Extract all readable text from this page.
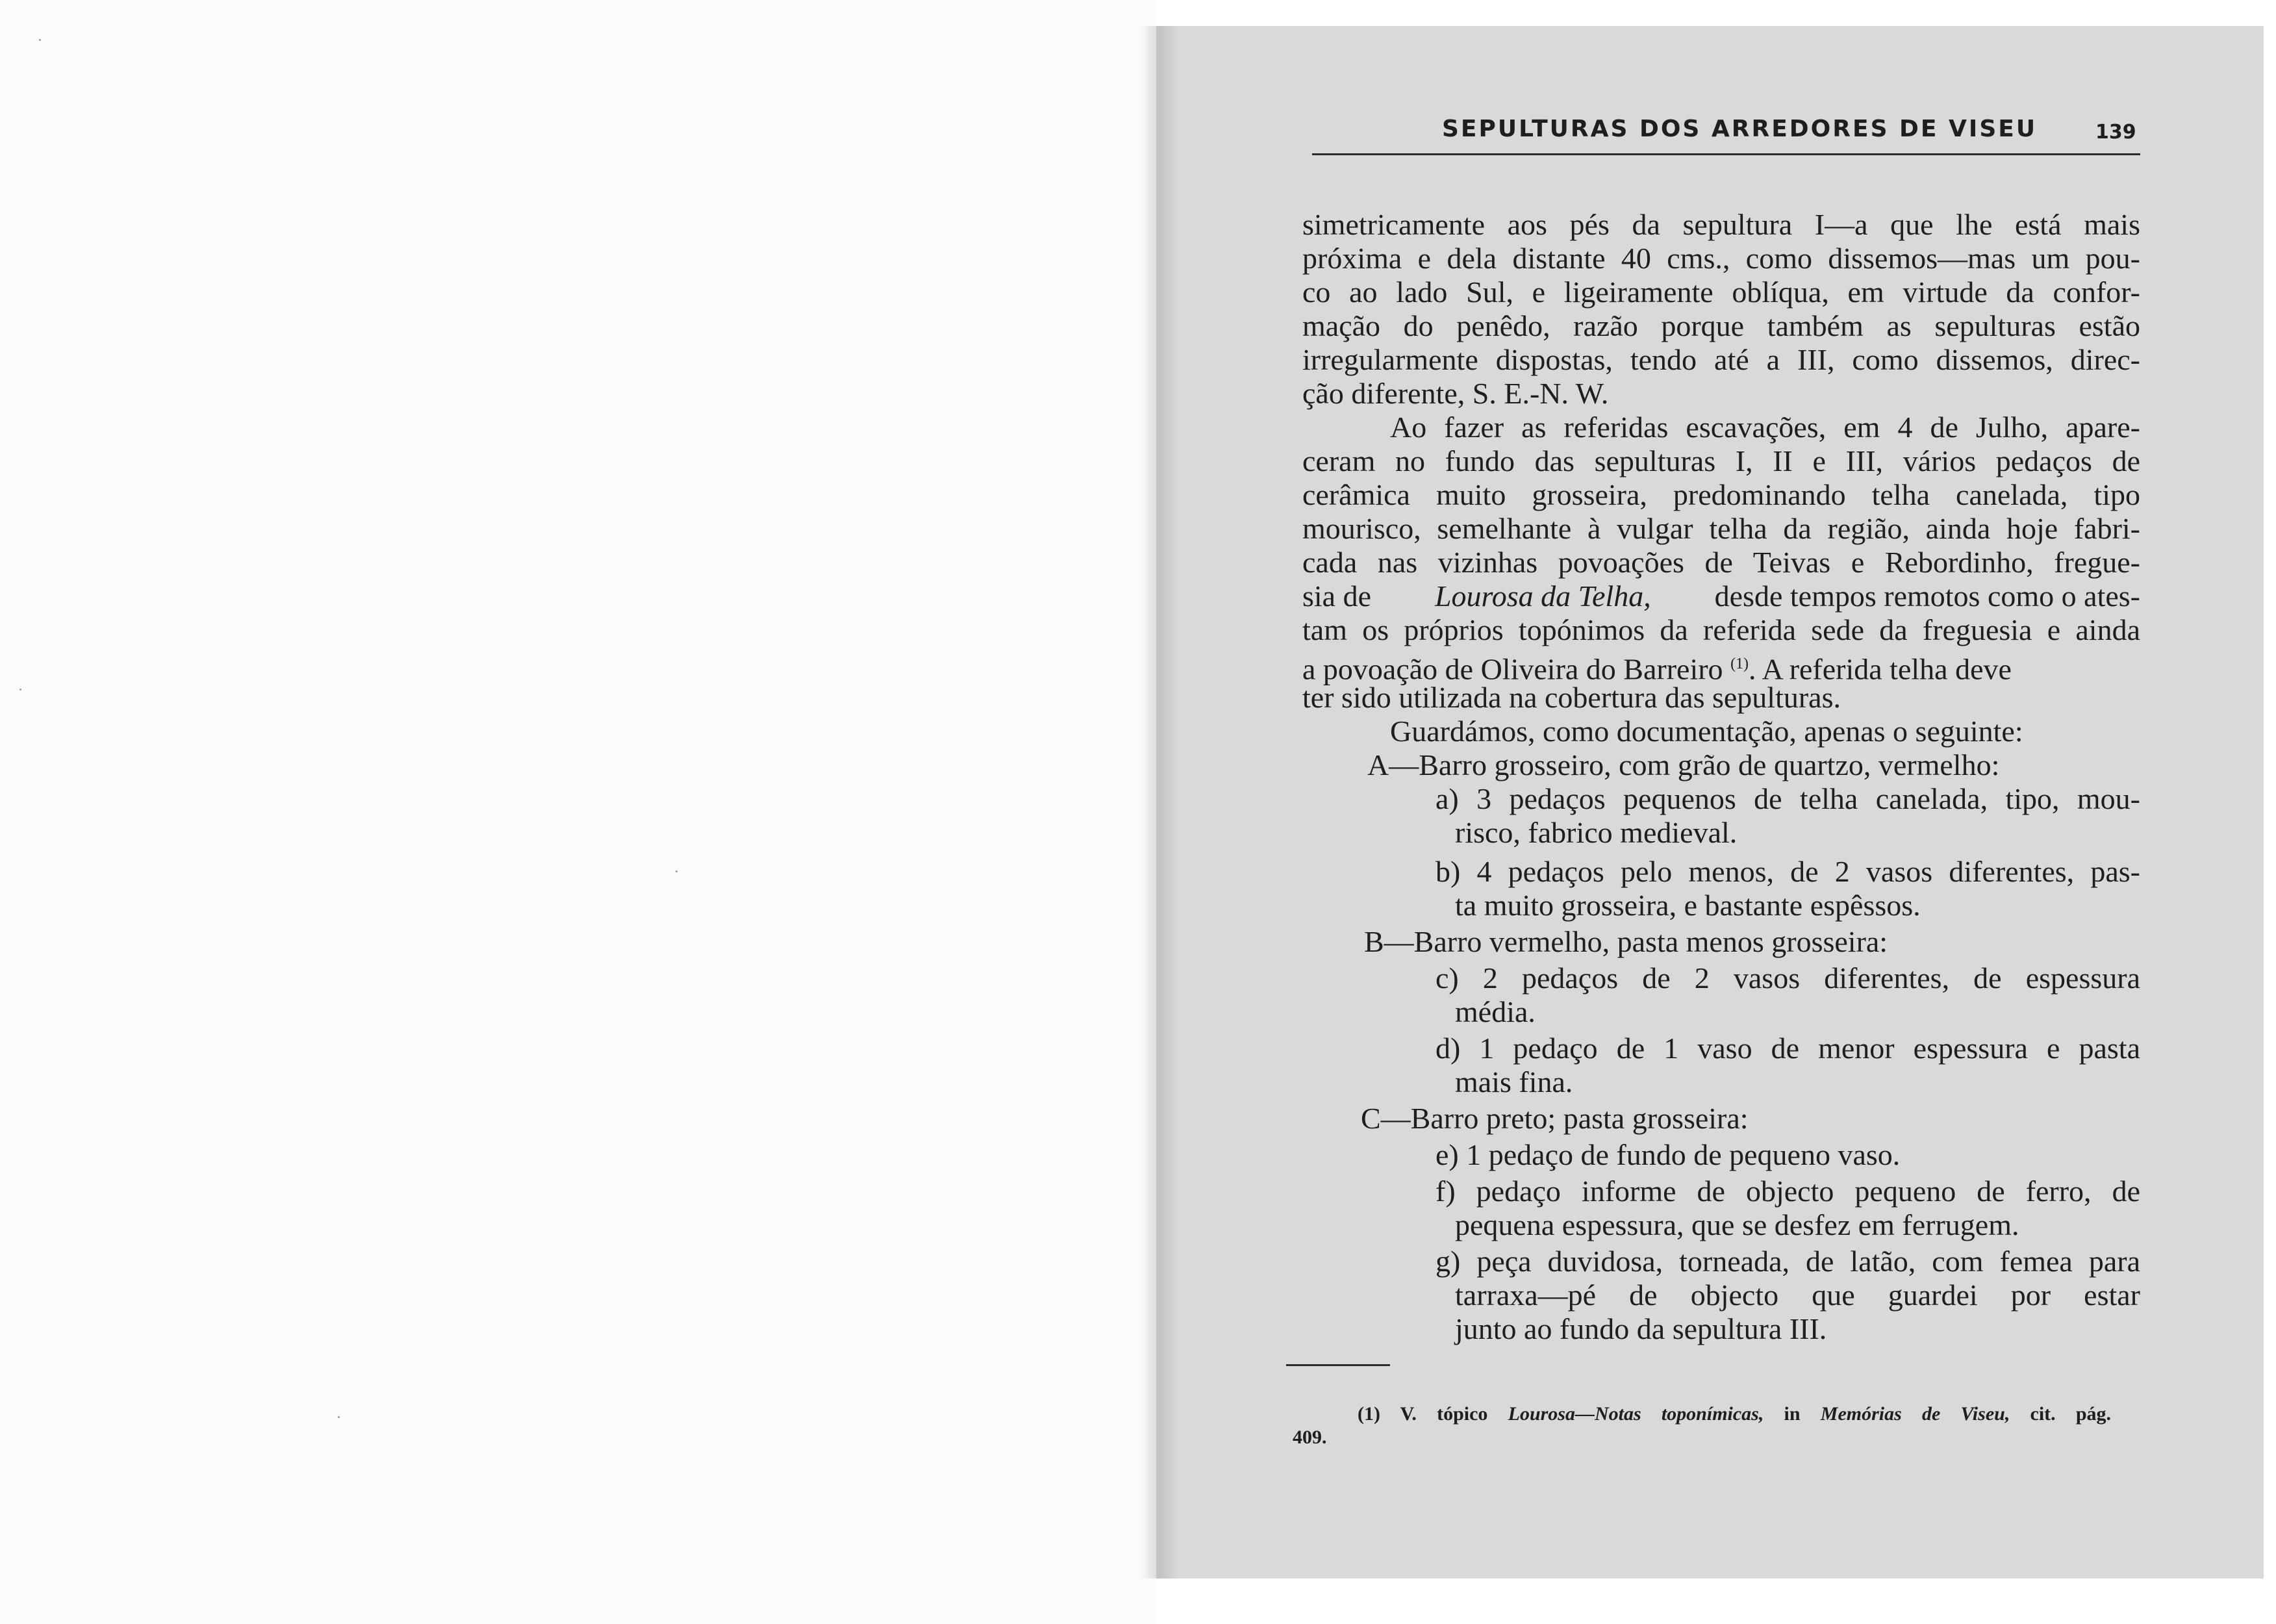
SEPULTURAS DOS ARREDORES DE VISEU	139
simetricamente aos pés da sepultura I—a que lhe está mais
próxima e dela distante 40 cms., como dissemos—mas um pou-
co ao lado Sul, e ligeiramente oblíqua, em virtude da confor-
mação do penêdo, razão porque também as sepulturas estão
irregularmente dispostas, tendo até a III, como dissemos, direc-
ção diferente, S. E.-N. W.
Ao fazer as referidas escavações, em 4 de Julho, apare-
ceram no fundo das sepulturas I, II e III, vários pedaços de
cerâmica muito grosseira, predominando telha canelada, tipo
mourisco, semelhante à vulgar telha da região, ainda hoje fabri-
cada nas vizinhas povoações de Teivas e Rebordinho, fregue-
sia de Lourosa da Telha, desde tempos remotos como o ates-
tam os próprios topónimos da referida sede da freguesia e ainda
a povoação de Oliveira do Barreiro $^{(1)}$. A referida telha deve
ter sido utilizada na cobertura das sepulturas.
Guardámos, como documentação, apenas o seguinte:
A—Barro grosseiro, com grão de quartzo, vermelho:
a) 3 pedaços pequenos de telha canelada, tipo, mou-
risco, fabrico medieval.
b) 4 pedaços pelo menos, de 2 vasos diferentes, pas-
ta muito grosseira, e bastante espêssos.
B—Barro vermelho, pasta menos grosseira:
c) 2 pedaços de 2 vasos diferentes, de espessura
média.
d) 1 pedaço de 1 vaso de menor espessura e pasta
mais fina.
C—Barro preto; pasta grosseira:
e) 1 pedaço de fundo de pequeno vaso.
f) pedaço informe de objecto pequeno de ferro, de
pequena espessura, que se desfez em ferrugem.
g) peça duvidosa, torneada, de latão, com femea para
tarraxa—pé de objecto que guardei por estar
junto ao fundo da sepultura III.
(1) V. tópico Lourosa—Notas toponímicas, in Memórias de Viseu, cit. pág.
409.
